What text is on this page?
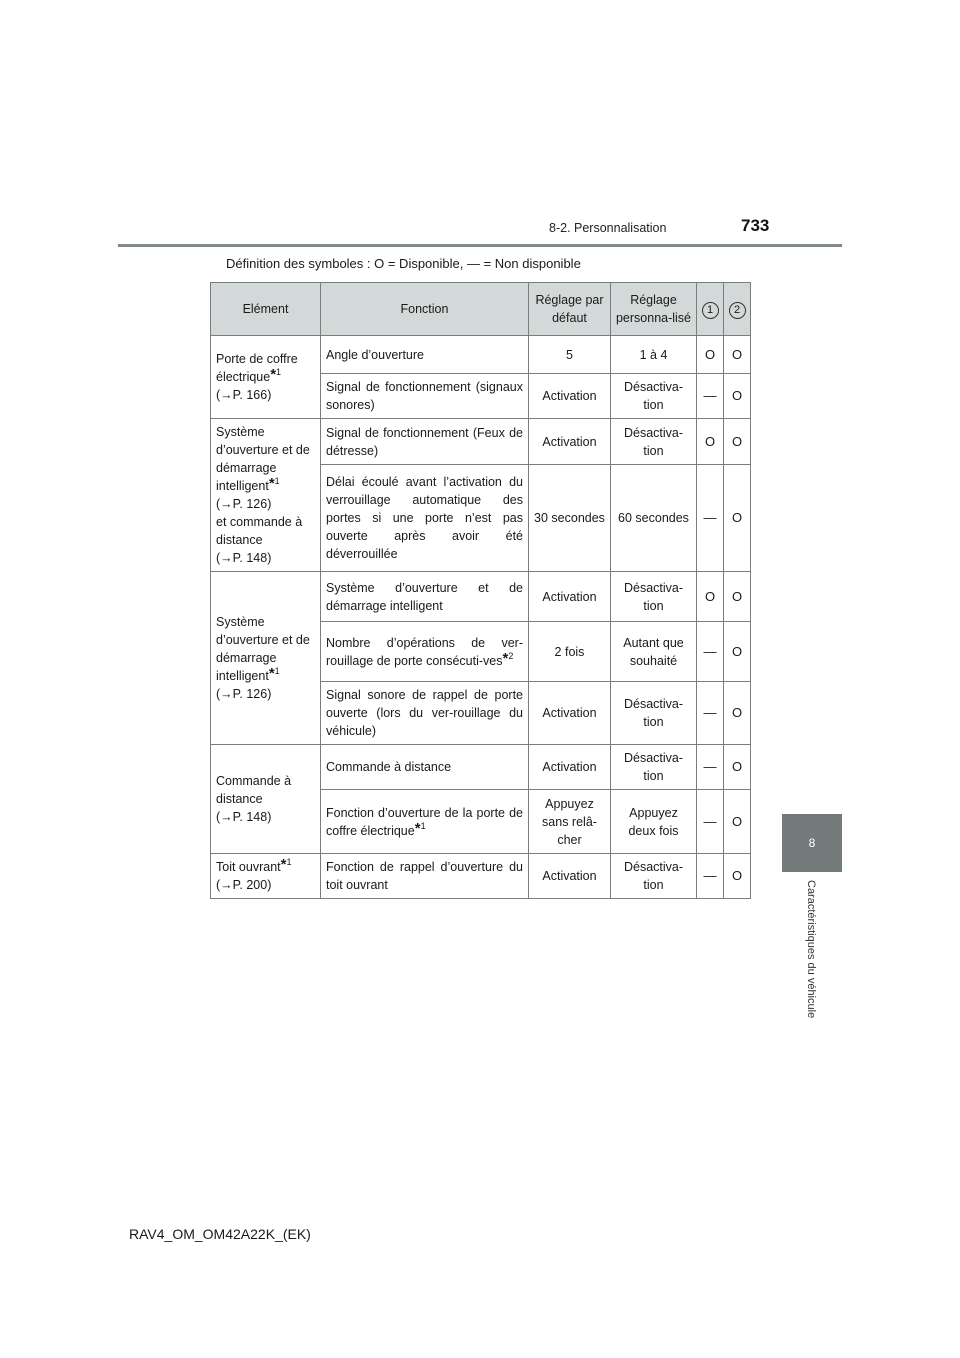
8-2. Personnalisation	733
Définition des symboles : O = Disponible, — = Non disponible
Elément	Fonction	Réglage par défaut	Réglage personna-lisé	1	2
Porte de coffre électrique$^{*1}$
(→P. 166)	Angle d’ouverture	5	1 à 4	O	O
	Signal de fonctionnement (signaux sonores)	Activation	Désactiva-tion	—	O
Système d’ouverture et de démarrage intelligent$^{*1}$
(→P. 126)
et commande à distance
(→P. 148)	Signal de fonctionnement (Feux de détresse)	Activation	Désactiva-tion	O	O
	Délai écoulé avant l’activation du verrouillage automatique des portes si une porte n’est pas ouverte après avoir été déverrouillée	30 secondes	60 secondes	—	O
Système d’ouverture et de démarrage intelligent$^{*1}$
(→P. 126)	Système d’ouverture et de démarrage intelligent	Activation	Désactiva-tion	O	O
	Nombre d’opérations de ver-rouillage de porte consécuti-ves$^{*2}$	2 fois	Autant que souhaité	—	O
	Signal sonore de rappel de porte ouverte (lors du ver-rouillage du véhicule)	Activation	Désactiva-tion	—	O
Commande à distance
(→P. 148)	Commande à distance	Activation	Désactiva-tion	—	O
	Fonction d’ouverture de la porte de coffre électrique$^{*1}$	Appuyez sans relâ-cher	Appuyez deux fois	—	O
Toit ouvrant$^{*1}$
(→P. 200)	Fonction de rappel d’ouverture du toit ouvrant	Activation	Désactiva-tion	—	O
8
Caractéristiques du véhicule
RAV4_OM_OM42A22K_(EK)
